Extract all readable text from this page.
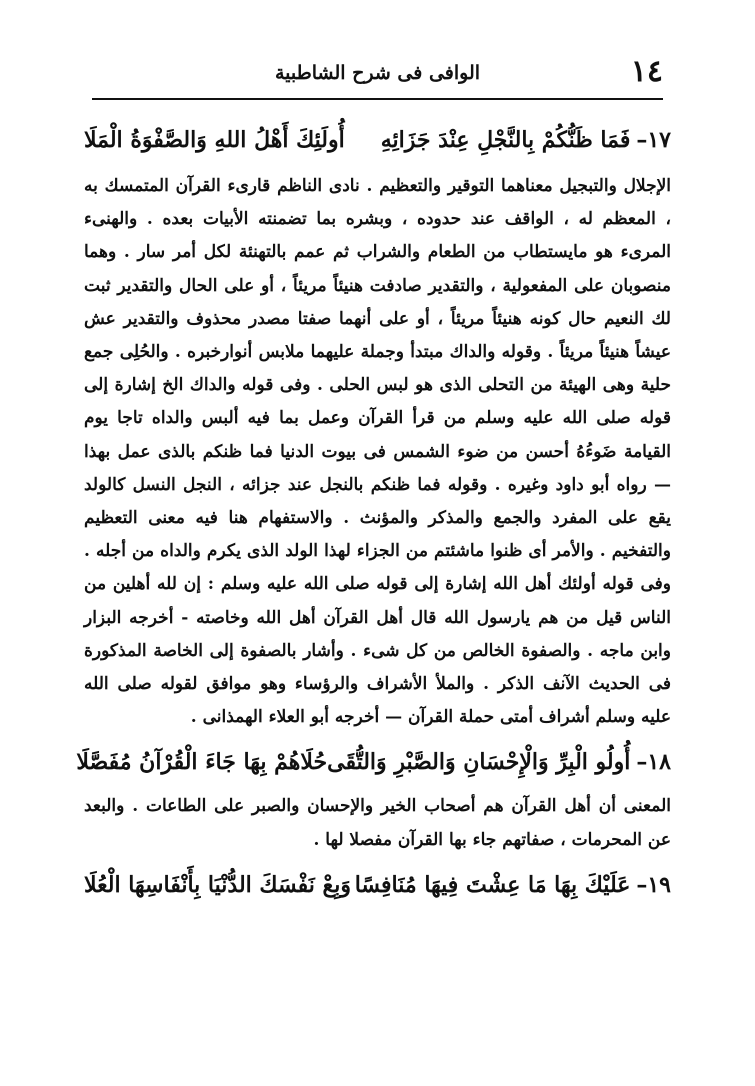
١٤
الوافى فى شرح الشاطبية
١٧–فَمَا ظَنُّكُمْ بِالنَّجْلِ عِنْدَ جَزَائِهِ
أُولَئِكَ أَهْلُ اللهِ وَالصَّفْوَةُ الْمَلَا

الإجلال والتبجيل معناهما التوقير والتعظيم . نادى الناظم قارىء القرآن المتمسك به ، المعظم له ، الواقف عند حدوده ، وبشره بما تضمنته الأبيات بعده . والهنىء المرىء هو مايستطاب من الطعام والشراب ثم عمم بالتهنئة لكل أمر سار . وهما منصوبان على المفعولية ، والتقدير صادفت هنيئاً مريئاً ، أو على الحال والتقدير ثبت لك النعيم حال كونه هنيئاً مريئاً ، أو على أنهما صفتا مصدر محذوف والتقدير عش عيشاً هنيئاً مريئاً . وقوله والداك مبتدأ وجملة عليهما ملابس أنوارخبره . والحُلِى جمع حلية وهى الهيئة من التحلى الذى هو لبس الحلى . وفى قوله والداك الخ إشارة إلى قوله صلى الله عليه وسلم من قرأ القرآن وعمل بما فيه ألبس والداه تاجا يوم القيامة ضَوءُهُ أحسن من ضوء الشمس فى بيوت الدنيا فما ظنكم بالذى عمل بهذا — رواه أبو داود وغيره . وقوله فما ظنكم بالنجل عند جزائه ، النجل النسل كالولد يقع على المفرد والجمع والمذكر والمؤنث . والاستفهام هنا فيه معنى التعظيم والتفخيم . والأمر أى ظنوا ماشئتم من الجزاء لهذا الولد الذى يكرم والداه من أجله . وفى قوله أولئك أهل الله إشارة إلى قوله صلى الله عليه وسلم : إن لله أهلين من الناس قيل من هم يارسول الله قال أهل القرآن أهل الله وخاصته - أخرجه البزار وابن ماجه . والصفوة الخالص من كل شىء . وأشار بالصفوة إلى الخاصة المذكورة فى الحديث الآنف الذكر . والملأ الأشراف والرؤساء وهو موافق لقوله صلى الله عليه وسلم أشراف أمتى حملة القرآن — أخرجه أبو العلاء الهمذانى .

١٨–أُولُو الْبِرِّ وَالْإِحْسَانِ وَالصَّبْرِ وَالتُّقَى
حُلَاهُمْ بِهَا جَاءَ الْقُرْآنُ مُفَصَّلَا

المعنى أن أهل القرآن هم أصحاب الخير والإحسان والصبر على الطاعات . والبعد عن المحرمات ، صفاتهم جاء بها القرآن مفصلا لها .

١٩–عَلَيْكَ بِهَا مَا عِشْتَ فِيهَا مُنَافِسًا
وَبِعْ نَفْسَكَ الدُّنْيَا بِأَنْفَاسِهَا الْعُلَا
